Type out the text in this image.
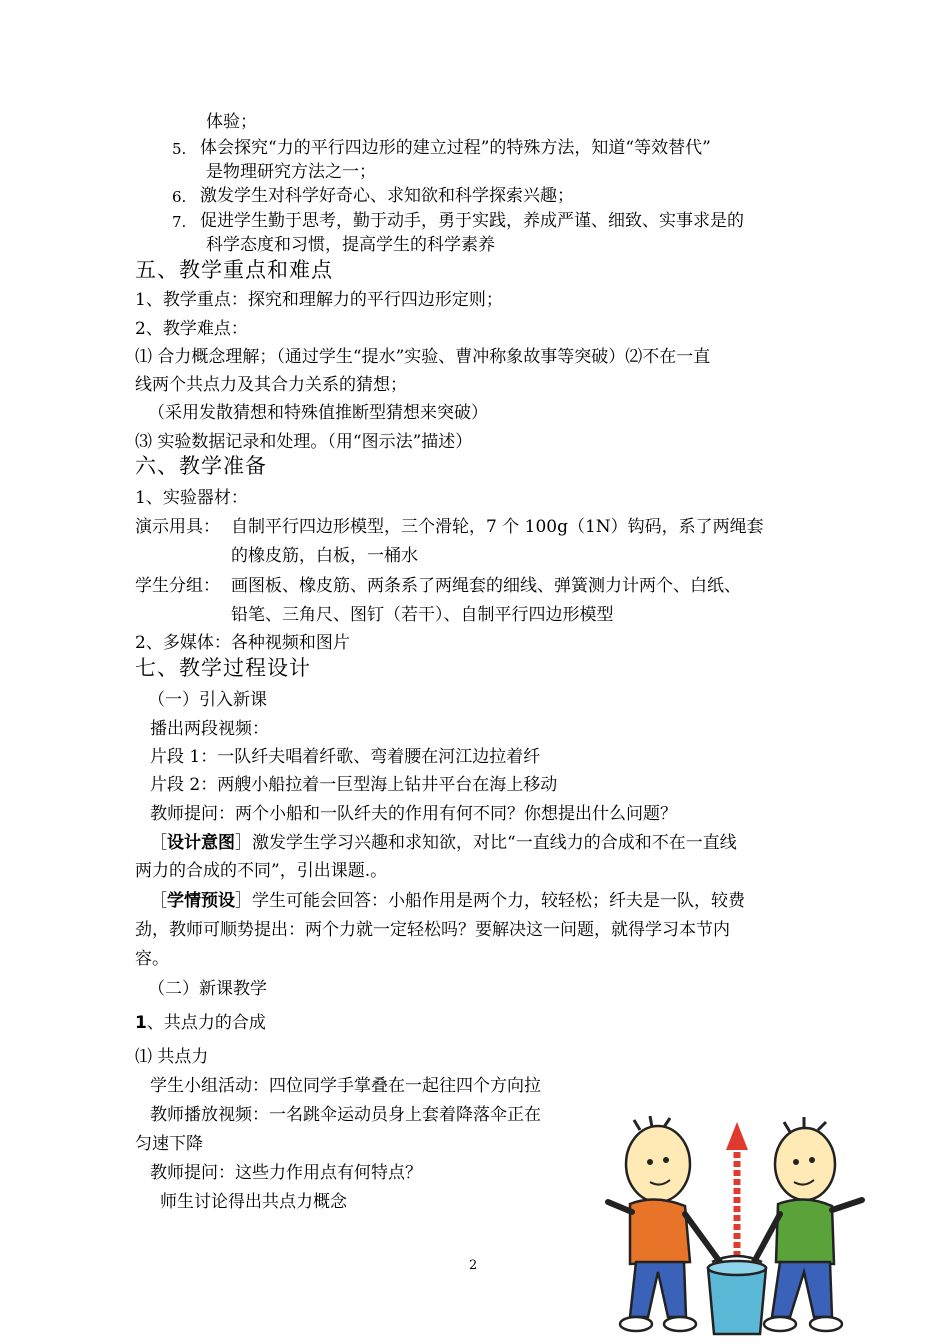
体验；
5. 体会探究“力的平行四边形的建立过程”的特殊方法，知道“等效替代”
是物理研究方法之一；
6. 激发学生对科学好奇心、求知欲和科学探索兴趣；
7. 促进学生勤于思考，勤于动手，勇于实践，养成严谨、细致、实事求是的
科学态度和习惯，提高学生的科学素养
五、教学重点和难点
1、教学重点：探究和理解力的平行四边形定则；
2、教学难点：
⑴ 合力概念理解；（通过学生“提水”实验、曹冲称象故事等突破）⑵不在一直
线两个共点力及其合力关系的猜想；
（采用发散猜想和特殊值推断型猜想来突破）
⑶ 实验数据记录和处理。（用“图示法”描述）
六、教学准备
1、实验器材：
演示用具： 自制平行四边形模型，三个滑轮，7 个 100g（1N）钩码，系了两绳套
的橡皮筋，白板，一桶水
学生分组： 画图板、橡皮筋、两条系了两绳套的细线、弹簧测力计两个、白纸、
铅笔、三角尺、图钉（若干）、自制平行四边形模型
2、多媒体：各种视频和图片
七、教学过程设计
（一）引入新课
播出两段视频：
片段 1：一队纤夫唱着纤歌、弯着腰在河江边拉着纤
片段 2：两艘小船拉着一巨型海上钻井平台在海上移动
教师提问：两个小船和一队纤夫的作用有何不同？你想提出什么问题？
［设计意图］激发学生学习兴趣和求知欲，对比“一直线力的合成和不在一直线
两力的合成的不同”，引出课题.。
［学情预设］学生可能会回答：小船作用是两个力，较轻松；纤夫是一队，较费
劲，教师可顺势提出：两个力就一定轻松吗？要解决这一问题，就得学习本节内
容。
（二）新课教学
1、共点力的合成
⑴ 共点力
学生小组活动：四位同学手掌叠在一起往四个方向拉
教师播放视频：一名跳伞运动员身上套着降落伞正在
匀速下降
教师提问：这些力作用点有何特点？
师生讨论得出共点力概念
2
